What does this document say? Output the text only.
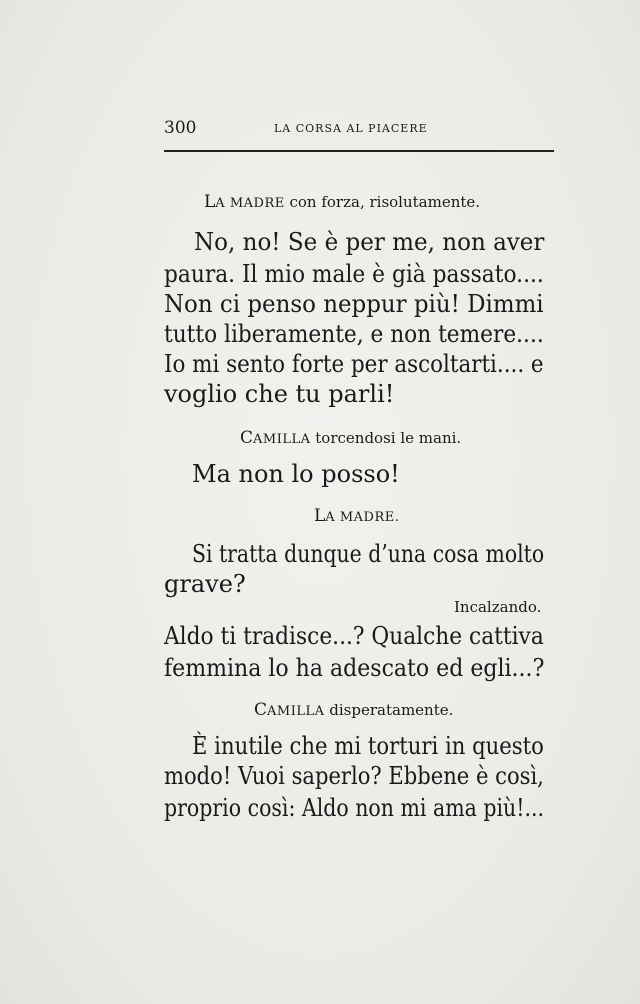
300	LA CORSA AL PIACERE
LA MADRE con forza, risolutamente.
No, no! Se è per me, non aver
paura. Il mio male è già passato....
Non ci penso neppur più! Dimmi
tutto liberamente, e non temere....
Io mi sento forte per ascoltarti.... e
voglio che tu parli!
CAMILLA torcendosi le mani.
Ma non lo posso!
LA MADRE.
Si tratta dunque d’una cosa molto
grave?
Incalzando.
Aldo ti tradisce...? Qualche cattiva
femmina lo ha adescato ed egli...?
CAMILLA disperatamente.
È inutile che mi torturi in questo
modo! Vuoi saperlo? Ebbene è così,
proprio così: Aldo non mi ama più!...
